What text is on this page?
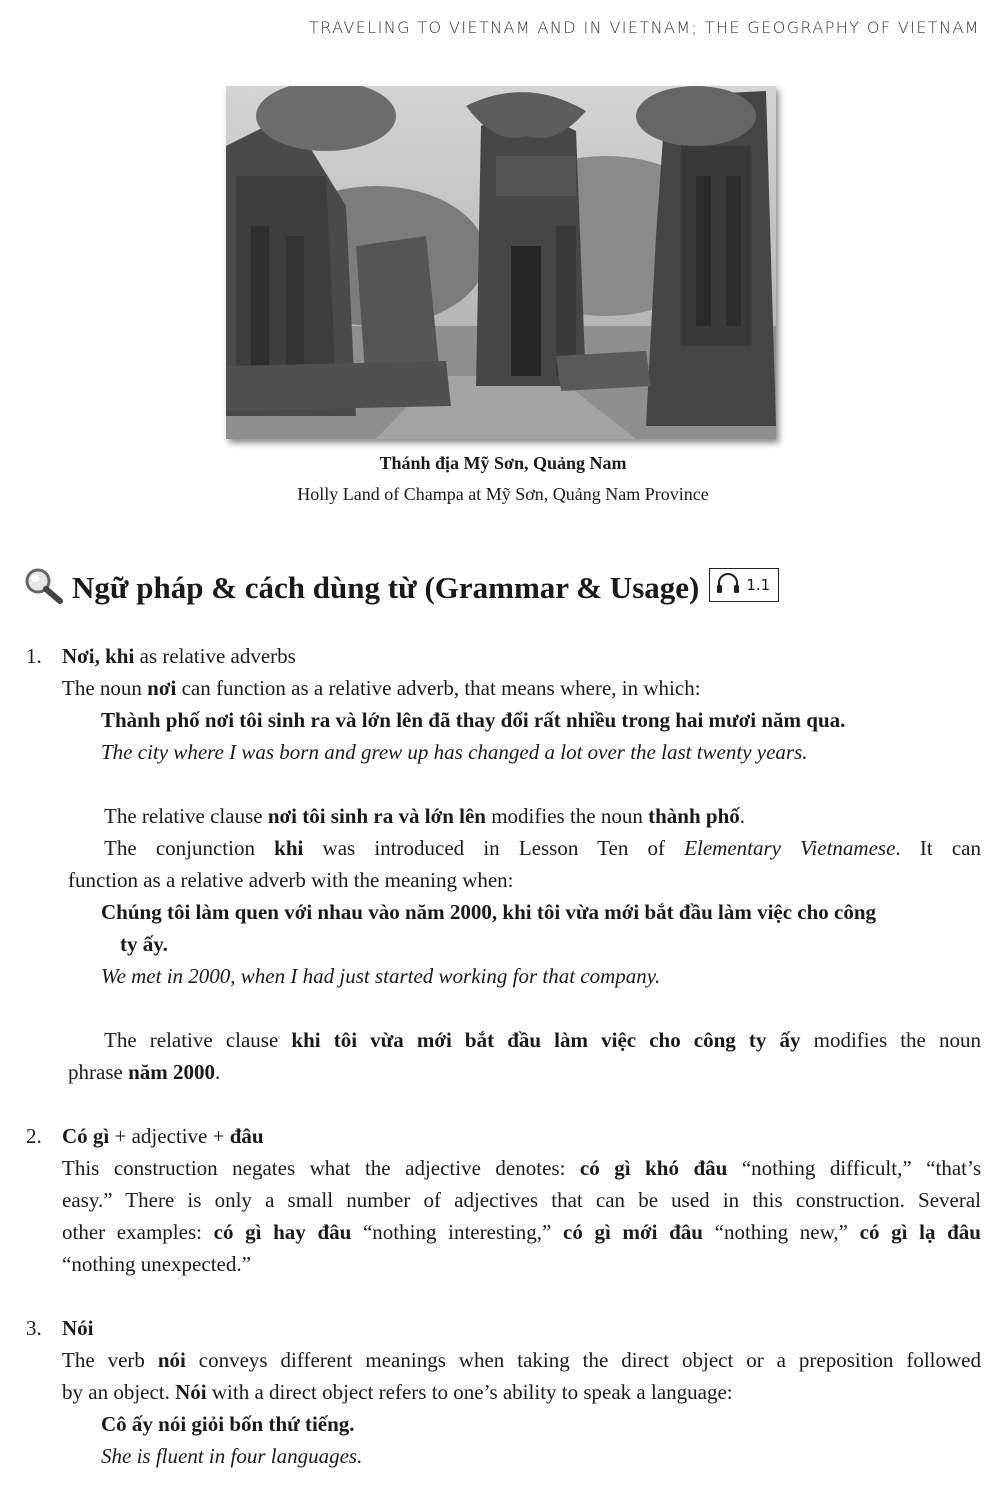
TRAVELING TO VIETNAM AND IN VIETNAM; THE GEOGRAPHY OF VIETNAM
Thánh địa Mỹ Sơn, Quảng Nam
Holly Land of Champa at Mỹ Sơn, Quảng Nam Province
Ngữ pháp & cách dùng từ (Grammar & Usage)	1.1
1. Nơi, khi as relative adverbs
The noun nơi can function as a relative adverb, that means where, in which:
Thành phố nơi tôi sinh ra và lớn lên đã thay đổi rất nhiều trong hai mươi năm qua.
The city where I was born and grew up has changed a lot over the last twenty years.
The relative clause nơi tôi sinh ra và lớn lên modifies the noun thành phố.
The conjunction khi was introduced in Lesson Ten of Elementary Vietnamese. It can
function as a relative adverb with the meaning when:
Chúng tôi làm quen với nhau vào năm 2000, khi tôi vừa mới bắt đầu làm việc cho công
ty ấy.
We met in 2000, when I had just started working for that company.
The relative clause khi tôi vừa mới bắt đầu làm việc cho công ty ấy modifies the noun
phrase năm 2000.
2. Có gì + adjective + đâu
This construction negates what the adjective denotes: có gì khó đâu “nothing difficult,” “that’s
easy.” There is only a small number of adjectives that can be used in this construction. Several
other examples: có gì hay đâu “nothing interesting,” có gì mới đâu “nothing new,” có gì lạ đâu
“nothing unexpected.”
3. Nói
The verb nói conveys different meanings when taking the direct object or a preposition followed
by an object. Nói with a direct object refers to one’s ability to speak a language:
Cô ấy nói giỏi bốn thứ tiếng.
She is fluent in four languages.
